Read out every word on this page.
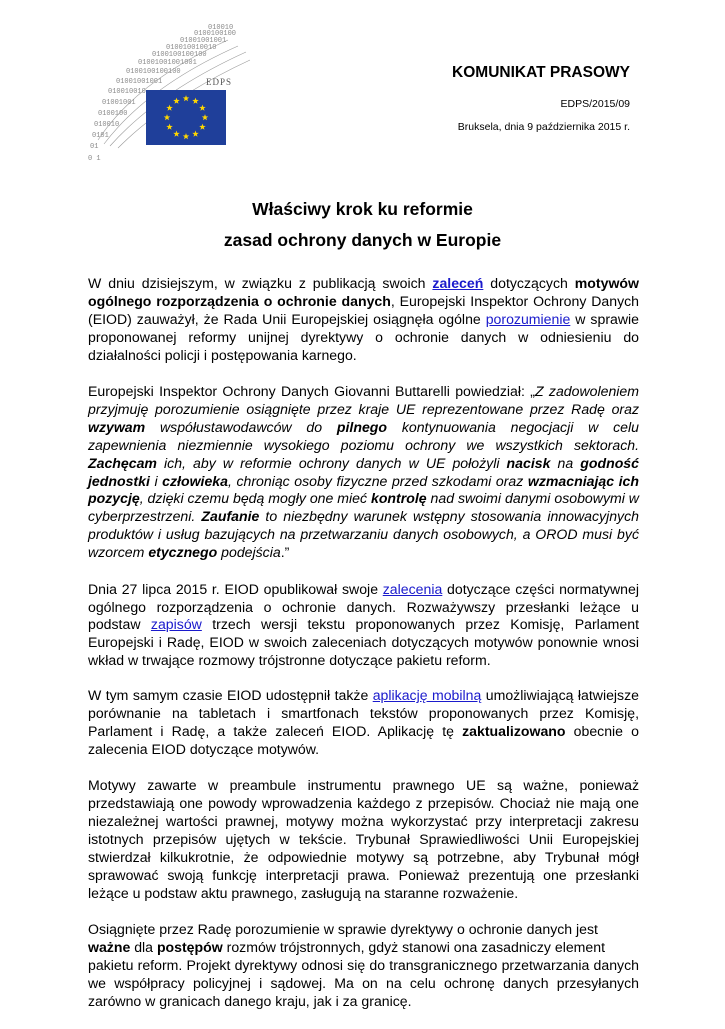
0 1
01
0101
010010
0100100
01001001
010010010
01001001001
0100100100100
01001001001001
0100100100100
010010010010
01001001001
0100100100
010010
EDPS
KOMUNIKAT PRASOWY
EDPS/2015/09
Bruksela, dnia 9 października 2015 r.
Właściwy krok ku reformie
zasad ochrony danych w Europie

W dniu dzisiejszym, w związku z publikacją swoich zaleceń dotyczących motywów ogólnego rozporządzenia o ochronie danych, Europejski Inspektor Ochrony Danych (EIOD) zauważył, że Rada Unii Europejskiej osiągnęła ogólne porozumienie w sprawie proponowanej reformy unijnej dyrektywy o ochronie danych w odniesieniu do działalności policji i postępowania karnego.

Europejski Inspektor Ochrony Danych Giovanni Buttarelli powiedział: „Z zadowoleniem przyjmuję porozumienie osiągnięte przez kraje UE reprezentowane przez Radę oraz wzywam współustawodawców do pilnego kontynuowania negocjacji w celu zapewnienia niezmiennie wysokiego poziomu ochrony we wszystkich sektorach. Zachęcam ich, aby w reformie ochrony danych w UE położyli nacisk na godność jednostki i człowieka, chroniąc osoby fizyczne przed szkodami oraz wzmacniając ich pozycję, dzięki czemu będą mogły one mieć kontrolę nad swoimi danymi osobowymi w cyberprzestrzeni. Zaufanie to niezbędny warunek wstępny stosowania innowacyjnych produktów i usług bazujących na przetwarzaniu danych osobowych, a OROD musi być wzorcem etycznego podejścia.”

Dnia 27 lipca 2015 r. EIOD opublikował swoje zalecenia dotyczące części normatywnej ogólnego rozporządzenia o ochronie danych. Rozważywszy przesłanki leżące u podstaw zapisów trzech wersji tekstu proponowanych przez Komisję, Parlament Europejski i Radę, EIOD w swoich zaleceniach dotyczących motywów ponownie wnosi wkład w trwające rozmowy trójstronne dotyczące pakietu reform.

W tym samym czasie EIOD udostępnił także aplikację mobilną umożliwiającą łatwiejsze porównanie na tabletach i smartfonach tekstów proponowanych przez Komisję, Parlament i Radę, a także zaleceń EIOD. Aplikację tę zaktualizowano obecnie o zalecenia EIOD dotyczące motywów.

Motywy zawarte w preambule instrumentu prawnego UE są ważne, ponieważ przedstawiają one powody wprowadzenia każdego z przepisów. Chociaż nie mają one niezależnej wartości prawnej, motywy można wykorzystać przy interpretacji zakresu istotnych przepisów ujętych w tekście. Trybunał Sprawiedliwości Unii Europejskiej stwierdzał kilkukrotnie, że odpowiednie motywy są potrzebne, aby Trybunał mógł sprawować swoją funkcję interpretacji prawa. Ponieważ prezentują one przesłanki leżące u podstaw aktu prawnego, zasługują na staranne rozważenie.

Osiągnięte przez Radę porozumienie w sprawie dyrektywy o ochronie danych jest
ważne dla postępów rozmów trójstronnych, gdyż stanowi ona zasadniczy element

pakietu reform. Projekt dyrektywy odnosi się do transgranicznego przetwarzania danych we współpracy policyjnej i sądowej. Ma on na celu ochronę danych przesyłanych zarówno w granicach danego kraju, jak i za granicę.
